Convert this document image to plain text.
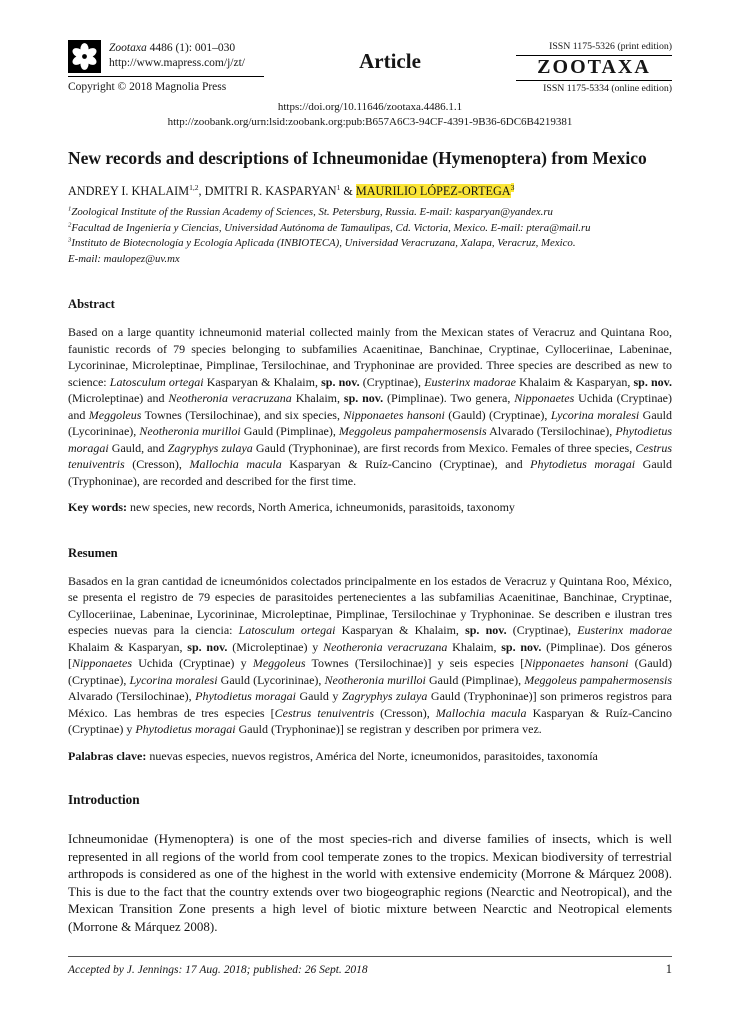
Zootaxa 4486 (1): 001–030
http://www.mapress.com/j/zt/
Copyright © 2018 Magnolia Press
Article
ISSN 1175-5326 (print edition)
ZOOTAXA
ISSN 1175-5334 (online edition)
https://doi.org/10.11646/zootaxa.4486.1.1
http://zoobank.org/urn:lsid:zoobank.org:pub:B657A6C3-94CF-4391-9B36-6DC6B4219381
New records and descriptions of Ichneumonidae (Hymenoptera) from Mexico
ANDREY I. KHALAIM$^{1,2}$, DMITRI R. KASPARYAN$^1$ & MAURILIO LÓPEZ-ORTEGA$^3$
$^1$Zoological Institute of the Russian Academy of Sciences, St. Petersburg, Russia. E-mail: kasparyan@yandex.ru
$^2$Facultad de Ingeniería y Ciencias, Universidad Autónoma de Tamaulipas, Cd. Victoria, Mexico. E-mail: ptera@mail.ru
$^3$Instituto de Biotecnología y Ecología Aplicada (INBIOTECA), Universidad Veracruzana, Xalapa, Veracruz, Mexico.
E-mail: maulopez@uv.mx
Abstract
Based on a large quantity ichneumonid material collected mainly from the Mexican states of Veracruz and Quintana Roo, faunistic records of 79 species belonging to subfamilies Acaenitinae, Banchinae, Cryptinae, Cylloceriinae, Labeninae, Lycorininae, Microleptinae, Pimplinae, Tersilochinae, and Tryphoninae are provided. Three species are described as new to science: Latosculum ortegai Kasparyan & Khalaim, sp. nov. (Cryptinae), Eusterinx madorae Khalaim & Kasparyan, sp. nov. (Microleptinae) and Neotheronia veracruzana Khalaim, sp. nov. (Pimplinae). Two genera, Nipponaetes Uchida (Cryptinae) and Meggoleus Townes (Tersilochinae), and six species, Nipponaetes hansoni (Gauld) (Cryptinae), Lycorina moralesi Gauld (Lycorininae), Neotheronia murilloi Gauld (Pimplinae), Meggoleus pampahermosensis Alvarado (Tersilochinae), Phytodietus moragai Gauld, and Zagryphys zulaya Gauld (Tryphoninae), are first records from Mexico. Females of three species, Cestrus tenuiventris (Cresson), Mallochia macula Kasparyan & Ruíz-Cancino (Cryptinae), and Phytodietus moragai Gauld (Tryphoninae), are recorded and described for the first time.
Key words: new species, new records, North America, ichneumonids, parasitoids, taxonomy
Resumen
Basados en la gran cantidad de icneumónidos colectados principalmente en los estados de Veracruz y Quintana Roo, México, se presenta el registro de 79 especies de parasitoides pertenecientes a las subfamilias Acaenitinae, Banchinae, Cryptinae, Cylloceriinae, Labeninae, Lycorininae, Microleptinae, Pimplinae, Tersilochinae y Tryphoninae. Se describen e ilustran tres especies nuevas para la ciencia: Latosculum ortegai Kasparyan & Khalaim, sp. nov. (Cryptinae), Eusterinx madorae Khalaim & Kasparyan, sp. nov. (Microleptinae) y Neotheronia veracruzana Khalaim, sp. nov. (Pimplinae). Dos géneros [Nipponaetes Uchida (Cryptinae) y Meggoleus Townes (Tersilochinae)] y seis especies [Nipponaetes hansoni (Gauld) (Cryptinae), Lycorina moralesi Gauld (Lycorininae), Neotheronia murilloi Gauld (Pimplinae), Meggoleus pampahermosensis Alvarado (Tersilochinae), Phytodietus moragai Gauld y Zagryphys zulaya Gauld (Tryphoninae)] son primeros registros para México. Las hembras de tres especies [Cestrus tenuiventris (Cresson), Mallochia macula Kasparyan & Ruíz-Cancino (Cryptinae) y Phytodietus moragai Gauld (Tryphoninae)] se registran y describen por primera vez.
Palabras clave: nuevas especies, nuevos registros, América del Norte, icneumonidos, parasitoides, taxonomía
Introduction
Ichneumonidae (Hymenoptera) is one of the most species-rich and diverse families of insects, which is well represented in all regions of the world from cool temperate zones to the tropics. Mexican biodiversity of terrestrial arthropods is considered as one of the highest in the world with extensive endemicity (Morrone & Márquez 2008). This is due to the fact that the country extends over two biogeographic regions (Nearctic and Neotropical), and the Mexican Transition Zone presents a high level of biotic mixture between Nearctic and Neotropical elements (Morrone & Márquez 2008).
Accepted by J. Jennings: 17 Aug. 2018; published: 26 Sept. 2018	1
